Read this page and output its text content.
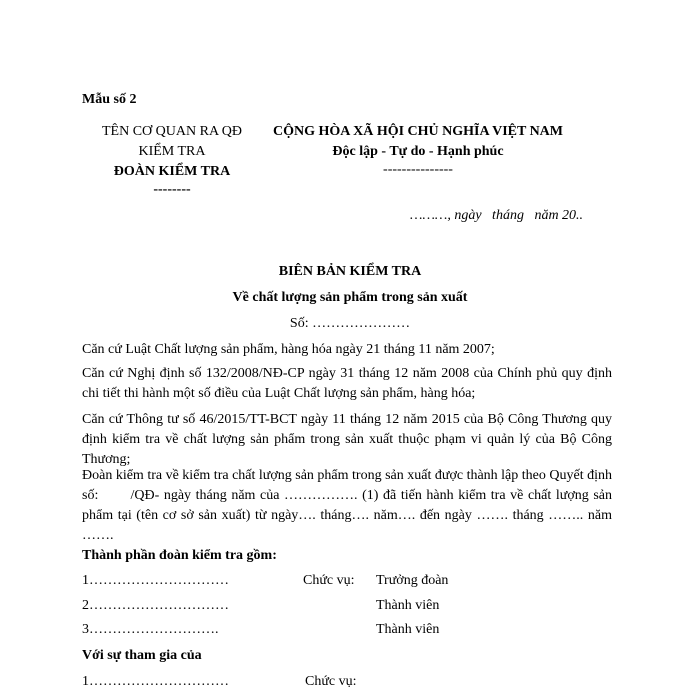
Mẫu số 2
TÊN CƠ QUAN RA QĐ
KIỂM TRA
ĐOÀN KIỂM TRA
--------
CỘNG HÒA XÃ HỘI CHỦ NGHĨA VIỆT NAM
Độc lập - Tự do - Hạnh phúc
---------------
………, ngày   tháng   năm 20..
BIÊN BẢN KIỂM TRA
Về chất lượng sản phẩm trong sản xuất
Số: …………………
Căn cứ Luật Chất lượng sản phẩm, hàng hóa ngày 21 tháng 11 năm 2007;
Căn cứ Nghị định số 132/2008/NĐ-CP ngày 31 tháng 12 năm 2008 của Chính phủ quy định chi tiết thi hành một số điều của Luật Chất lượng sản phẩm, hàng hóa;
Căn cứ Thông tư số 46/2015/TT-BCT ngày 11 tháng 12 năm 2015 của Bộ Công Thương quy định kiểm tra về chất lượng sản phẩm trong sản xuất thuộc phạm vi quản lý của Bộ Công Thương;
Đoàn kiểm tra về kiểm tra chất lượng sản phẩm trong sản xuất được thành lập theo Quyết định số:       /QĐ- ngày tháng năm của ……………. (1) đã tiến hành kiểm tra về chất lượng sản phẩm tại (tên cơ sở sản xuất) từ ngày…. tháng…. năm…. đến ngày ……. tháng …….. năm …….
Thành phần đoàn kiểm tra gồm:
1…………………………	Chức vụ: Trưởng đoàn
2…………………………	Thành viên
3……………………….	Thành viên
Với sự tham gia của
1…………………………	Chức vụ:
